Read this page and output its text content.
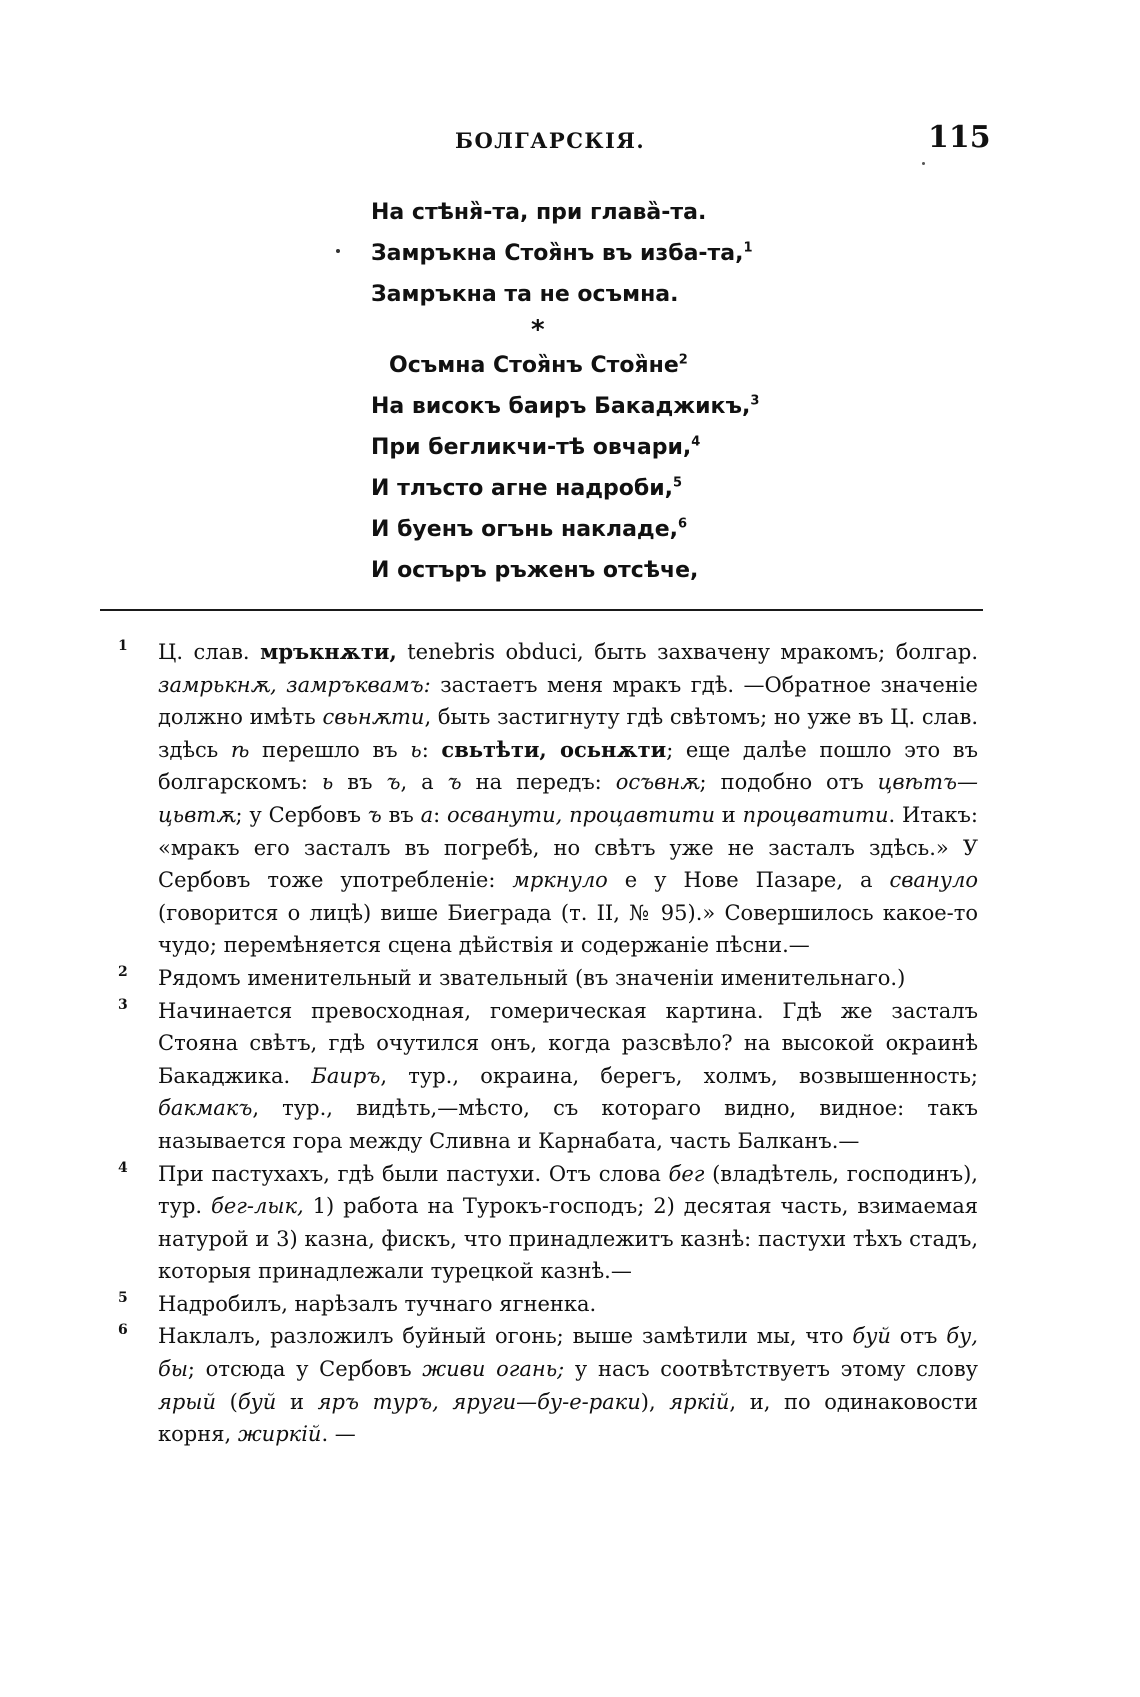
БОЛГАРСКІЯ.	115
На стѣня̏-та, при глава̏-та.
Замръкна Стоя̏нъ въ изба-та,$^1$
Замръкна та не осъмна.
*
Осъмна Стоя̏нъ $Стоя̏не^2$
На високъ баиръ Бакаджикъ,$^3$
При бегликчи-тѣ овчари,$^4$
И тлъсто агне надроби,$^5$
И буенъ огънь накладе,$^6$
И остъръ ръженъ отсѣче,
1 Ц. слав. мръкнѫти, tenebris obduci, быть захвачену мракомъ; болгар. замрькнѫ, замръквамъ: застаетъ меня мракъ гдѣ. —Обратное значеніе должно имѣть свьнѫти, быть застигнуту гдѣ свѣтомъ; но уже въ Ц. слав. здѣсь ѣ перешло въ ь: свьтѣти, осьнѫти; еще далѣе пошло это въ болгарскомъ: ь въ ъ, а ъ на передъ: осъвнѫ; подобно отъ цвѣтъ—цьвтѫ; у Сербовъ ъ въ а: осванути, процавтити и процватити. Итакъ: «мракъ его засталъ въ погребѣ, но свѣтъ уже не засталъ здѣсь.» У Сербовъ тоже употребленіе: мркнуло е у Нове Пазаре, а свануло (говорится о лицѣ) више Биеграда (т. II, № 95).» Совершилось какое-то чудо; перемѣняется сцена дѣйствія и содержаніе пѣсни.—
2 Рядомъ именительный и звательный (въ значеніи именительнаго.)
3 Начинается превосходная, гомерическая картина. Гдѣ же засталъ Стояна свѣтъ, гдѣ очутился онъ, когда разсвѣло? на высокой окраинѣ Бакаджика. Баиръ, тур., окраина, берегъ, холмъ, возвышенность; бакмакъ, тур., видѣть,—мѣсто, съ котораго видно, видное: такъ называется гора между Сливна и Карнабата, часть Балканъ.—
4 При пастухахъ, гдѣ были пастухи. Отъ слова бег (владѣтель, господинъ), тур. бег-лык, 1) работа на Турокъ-господъ; 2) десятая часть, взимаемая натурой и 3) казна, фискъ, что принадлежитъ казнѣ: пастухи тѣхъ стадъ, которыя принадлежали турецкой казнѣ.—
5 Надробилъ, нарѣзалъ тучнаго ягненка.
6 Наклалъ, разложилъ буйный огонь; выше замѣтили мы, что буй отъ бу, бы; отсюда у Сербовъ живи огань; у насъ соотвѣтствуетъ этому слову ярый (буй и яръ туръ, яруги—бу-е-раки), яркій, и, по одинаковости корня, жиркій. —
